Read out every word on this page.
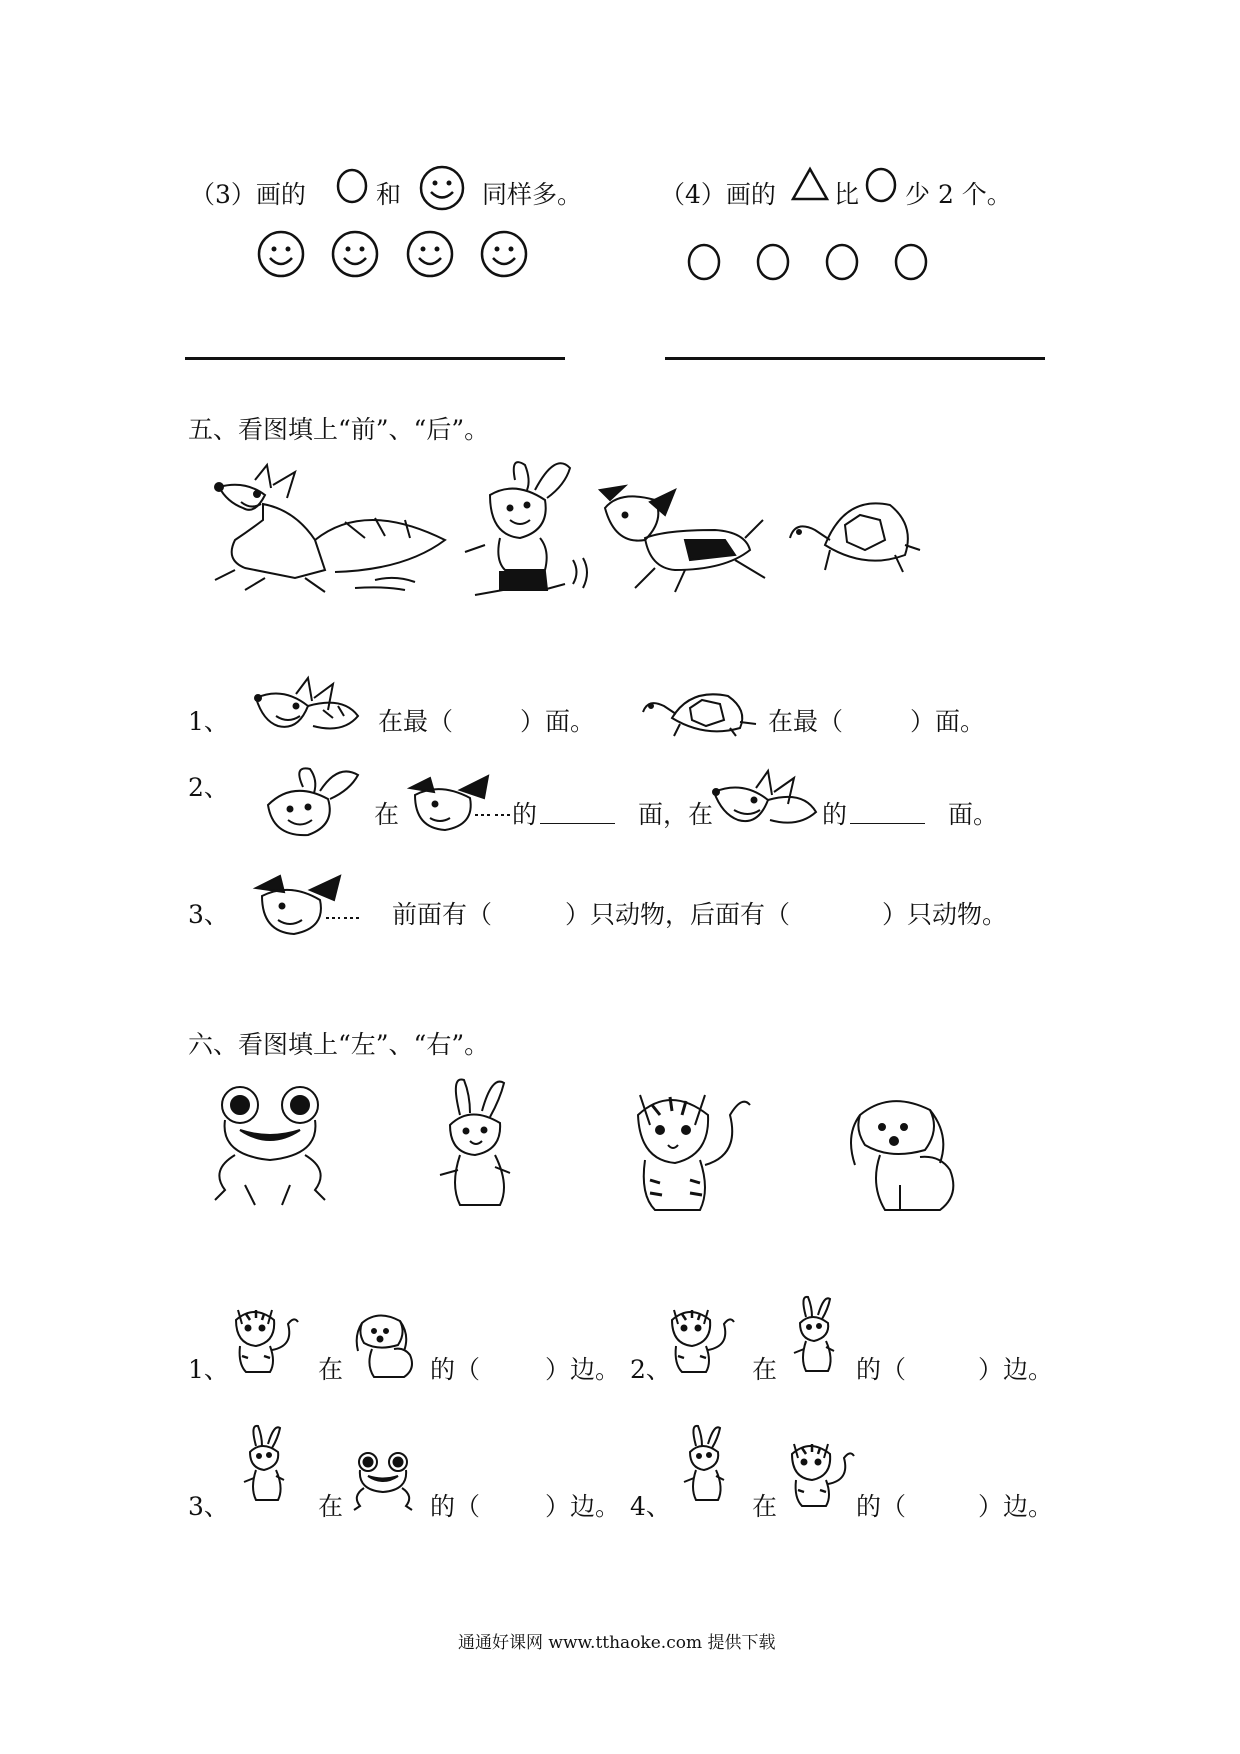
（3）画的	和	同样多。	（4）画的 比 少 2 个。
五、看图填上“前”、“后”。
1、	在最（	）面。	在最（	）面。
2、
在	的 ______ 面，在	的 ______ 面。
3、	前面有（	）只动物，后面有（	）只动物。
六、看图填上“左”、“右”。
1、	在	的（	）边。 2、	在	的（	）边。
3、	在	的（	）边。 4、	在	的（	）边。
通通好课网 www.tthaoke.com 提供下载
